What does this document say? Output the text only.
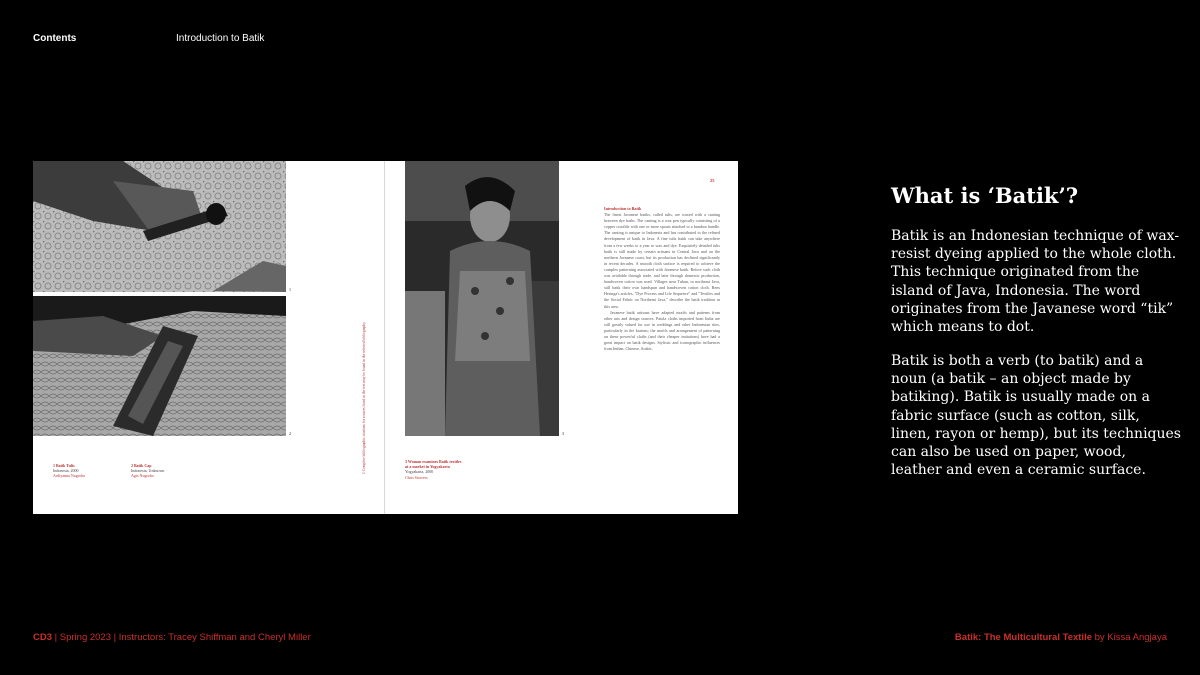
Contents	Introduction to Batik
1
2
1 Batik Tulis
Indonesia, 2000
Ardiyanna Nugroho
2 Batik Cap
Indonesia, Unknown
Agis Nugroho
1 Complete bibliographic citations for sources listed in the text may be found in the selected bibliography	3
3 Woman examines Batik textiles
at a market in Yogyakarta
Yogyakarta, 2000
Chris Stowers
25
Introduction to Batik
The finest Javanese batiks, called tulis, are waxed with a canting between dye baths. The canting is a wax pen typically consisting of a copper crucible with one or more spouts attached to a bamboo handle. The canting is unique to Indonesia and has contributed to the refined development of batik in Java. A fine tulis batik can take anywhere from a few weeks to a year to wax and dye. Exquisitely detailed tulis batik is still made by certain artisans in Central Java and on the northern Javanese coast, but its production has declined significantly in recent decades. A smooth cloth surface is required to achieve the complex patterning associated with Javanese batik. Before such cloth was available through trade, and later through domestic production, handwoven cotton was used. Villages near Tuban, in northeast Java, still batik their own handspun and handwoven cotton cloth. Rens Heringa's articles, "Dye Process and Life Sequence" and "Textiles and the Social Fabric on Northeast Java," describe the batik tradition in this area.
Javanese batik artisans have adapted motifs and patterns from other arts and design sources. Patola cloths imported from India are still greatly valued for use in weddings and other Indonesian rites, particularly in the kratons; the motifs and arrangement of patterning on these powerful cloths (and their cheaper imitations) have had a great impact on batik designs. Stylistic and iconographic influences from Indian, Chinese, Arabic,
What is ‘Batik’?

Batik is an Indonesian technique of wax-resist dyeing applied to the whole cloth. This technique originated from the island of Java, Indonesia. The word originates from the Javanese word “tik” which means to dot.

Batik is both a verb (to batik) and a noun (a batik – an object made by batiking). Batik is usually made on a fabric surface (such as cotton, silk, linen, rayon or hemp), but its techniques can also be used on paper, wood, leather and even a ceramic surface.

CD3 | Spring 2023 | Instructors: Tracey Shiffman and Cheryl Miller	Batik: The Multicultural Textile by Kissa Angjaya
